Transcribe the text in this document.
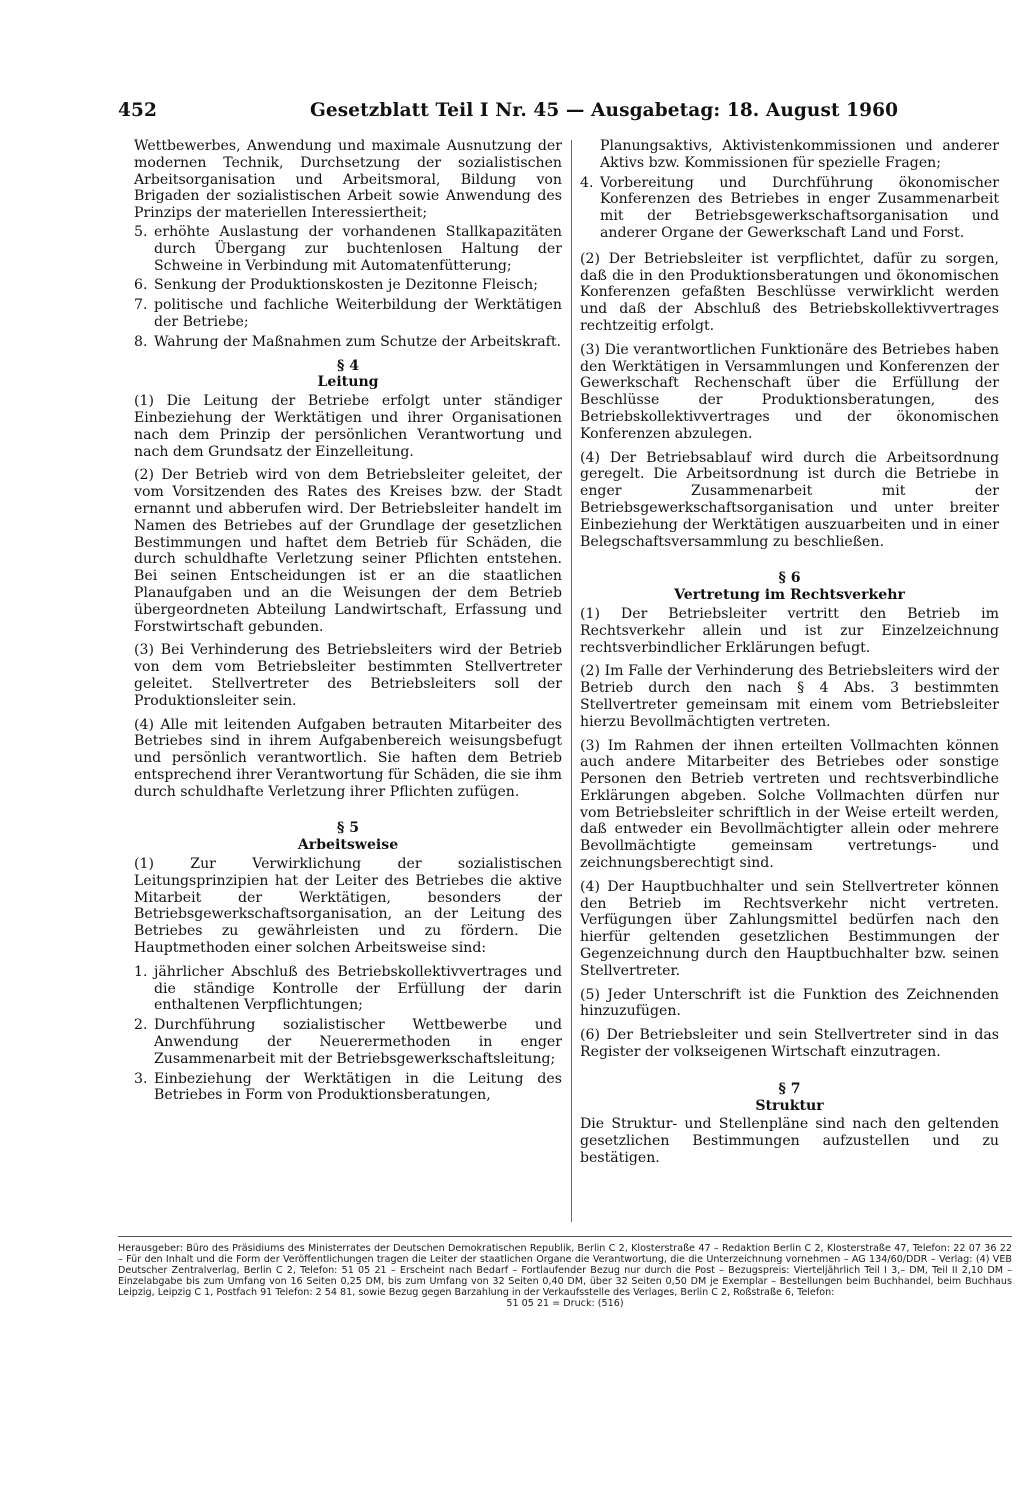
452	Gesetzblatt Teil I Nr. 45 — Ausgabetag: 18. August 1960

Wettbewerbes, Anwendung und maximale Ausnutzung der modernen Technik, Durchsetzung der sozialistischen Arbeitsorganisation und Arbeitsmoral, Bildung von Brigaden der sozialistischen Arbeit sowie Anwendung des Prinzips der materiellen Interessiertheit;

5. erhöhte Auslastung der vorhandenen Stallkapazitäten durch Übergang zur buchtenlosen Haltung der Schweine in Verbindung mit Automatenfütterung;
6. Senkung der Produktionskosten je Dezitonne Fleisch;
7. politische und fachliche Weiterbildung der Werktätigen der Betriebe;
8. Wahrung der Maßnahmen zum Schutze der Arbeitskraft.
§ 4
Leitung

(1) Die Leitung der Betriebe erfolgt unter ständiger Einbeziehung der Werktätigen und ihrer Organisationen nach dem Prinzip der persönlichen Verantwortung und nach dem Grundsatz der Einzelleitung.

(2) Der Betrieb wird von dem Betriebsleiter geleitet, der vom Vorsitzenden des Rates des Kreises bzw. der Stadt ernannt und abberufen wird. Der Betriebsleiter handelt im Namen des Betriebes auf der Grundlage der gesetzlichen Bestimmungen und haftet dem Betrieb für Schäden, die durch schuldhafte Verletzung seiner Pflichten entstehen. Bei seinen Entscheidungen ist er an die staatlichen Planaufgaben und an die Weisungen der dem Betrieb übergeordneten Abteilung Landwirtschaft, Erfassung und Forstwirtschaft gebunden.

(3) Bei Verhinderung des Betriebsleiters wird der Betrieb von dem vom Betriebsleiter bestimmten Stellvertreter geleitet. Stellvertreter des Betriebsleiters soll der Produktionsleiter sein.

(4) Alle mit leitenden Aufgaben betrauten Mitarbeiter des Betriebes sind in ihrem Aufgabenbereich weisungsbefugt und persönlich verantwortlich. Sie haften dem Betrieb entsprechend ihrer Verantwortung für Schäden, die sie ihm durch schuldhafte Verletzung ihrer Pflichten zufügen.

§ 5
Arbeitsweise

(1) Zur Verwirklichung der sozialistischen Leitungsprinzipien hat der Leiter des Betriebes die aktive Mitarbeit der Werktätigen, besonders der Betriebsgewerkschaftsorganisation, an der Leitung des Betriebes zu gewährleisten und zu fördern. Die Hauptmethoden einer solchen Arbeitsweise sind:

1. jährlicher Abschluß des Betriebskollektivvertrages und die ständige Kontrolle der Erfüllung der darin enthaltenen Verpflichtungen;
2. Durchführung sozialistischer Wettbewerbe und Anwendung der Neuerermethoden in enger Zusammenarbeit mit der Betriebsgewerkschaftsleitung;
3. Einbeziehung der Werktätigen in die Leitung des Betriebes in Form von Produktionsberatungen,
Planungsaktivs, Aktivistenkommissionen und anderer Aktivs bzw. Kommissionen für spezielle Fragen;
4. Vorbereitung und Durchführung ökonomischer Konferenzen des Betriebes in enger Zusammenarbeit mit der Betriebsgewerkschaftsorganisation und anderer Organe der Gewerkschaft Land und Forst.

(2) Der Betriebsleiter ist verpflichtet, dafür zu sorgen, daß die in den Produktionsberatungen und ökonomischen Konferenzen gefaßten Beschlüsse verwirklicht werden und daß der Abschluß des Betriebskollektivvertrages rechtzeitig erfolgt.

(3) Die verantwortlichen Funktionäre des Betriebes haben den Werktätigen in Versammlungen und Konferenzen der Gewerkschaft Rechenschaft über die Erfüllung der Beschlüsse der Produktionsberatungen, des Betriebskollektivvertrages und der ökonomischen Konferenzen abzulegen.

(4) Der Betriebsablauf wird durch die Arbeitsordnung geregelt. Die Arbeitsordnung ist durch die Betriebe in enger Zusammenarbeit mit der Betriebsgewerkschaftsorganisation und unter breiter Einbeziehung der Werktätigen auszuarbeiten und in einer Belegschaftsversammlung zu beschließen.

§ 6
Vertretung im Rechtsverkehr

(1) Der Betriebsleiter vertritt den Betrieb im Rechtsverkehr allein und ist zur Einzelzeichnung rechtsverbindlicher Erklärungen befugt.

(2) Im Falle der Verhinderung des Betriebsleiters wird der Betrieb durch den nach § 4 Abs. 3 bestimmten Stellvertreter gemeinsam mit einem vom Betriebsleiter hierzu Bevollmächtigten vertreten.

(3) Im Rahmen der ihnen erteilten Vollmachten können auch andere Mitarbeiter des Betriebes oder sonstige Personen den Betrieb vertreten und rechtsverbindliche Erklärungen abgeben. Solche Vollmachten dürfen nur vom Betriebsleiter schriftlich in der Weise erteilt werden, daß entweder ein Bevollmächtigter allein oder mehrere Bevollmächtigte gemeinsam vertretungs- und zeichnungsberechtigt sind.

(4) Der Hauptbuchhalter und sein Stellvertreter können den Betrieb im Rechtsverkehr nicht vertreten. Verfügungen über Zahlungsmittel bedürfen nach den hierfür geltenden gesetzlichen Bestimmungen der Gegenzeichnung durch den Hauptbuchhalter bzw. seinen Stellvertreter.

(5) Jeder Unterschrift ist die Funktion des Zeichnenden hinzuzufügen.

(6) Der Betriebsleiter und sein Stellvertreter sind in das Register der volkseigenen Wirtschaft einzutragen.

§ 7
Struktur

Die Struktur- und Stellenpläne sind nach den geltenden gesetzlichen Bestimmungen aufzustellen und zu bestätigen.

Herausgeber: Büro des Präsidiums des Ministerrates der Deutschen Demokratischen Republik, Berlin C 2, Klosterstraße 47 – Redaktion Berlin C 2, Klosterstraße 47, Telefon: 22 07 36 22 – Für den Inhalt und die Form der Veröffentlichungen tragen die Leiter der staatlichen Organe die Verantwortung, die die Unterzeichnung vornehmen – AG 134/60/DDR – Verlag: (4) VEB Deutscher Zentralverlag, Berlin C 2, Telefon: 51 05 21 – Erscheint nach Bedarf – Fortlaufender Bezug nur durch die Post – Bezugspreis: Vierteljährlich Teil I 3,– DM, Teil II 2,10 DM – Einzelabgabe bis zum Umfang von 16 Seiten 0,25 DM, bis zum Umfang von 32 Seiten 0,40 DM, über 32 Seiten 0,50 DM je Exemplar – Bestellungen beim Buchhandel, beim Buchhaus Leipzig, Leipzig C 1, Postfach 91 Telefon: 2 54 81, sowie Bezug gegen Barzahlung in der Verkaufsstelle des Verlages, Berlin C 2, Roßstraße 6, Telefon:
51 05 21 = Druck: (516)
